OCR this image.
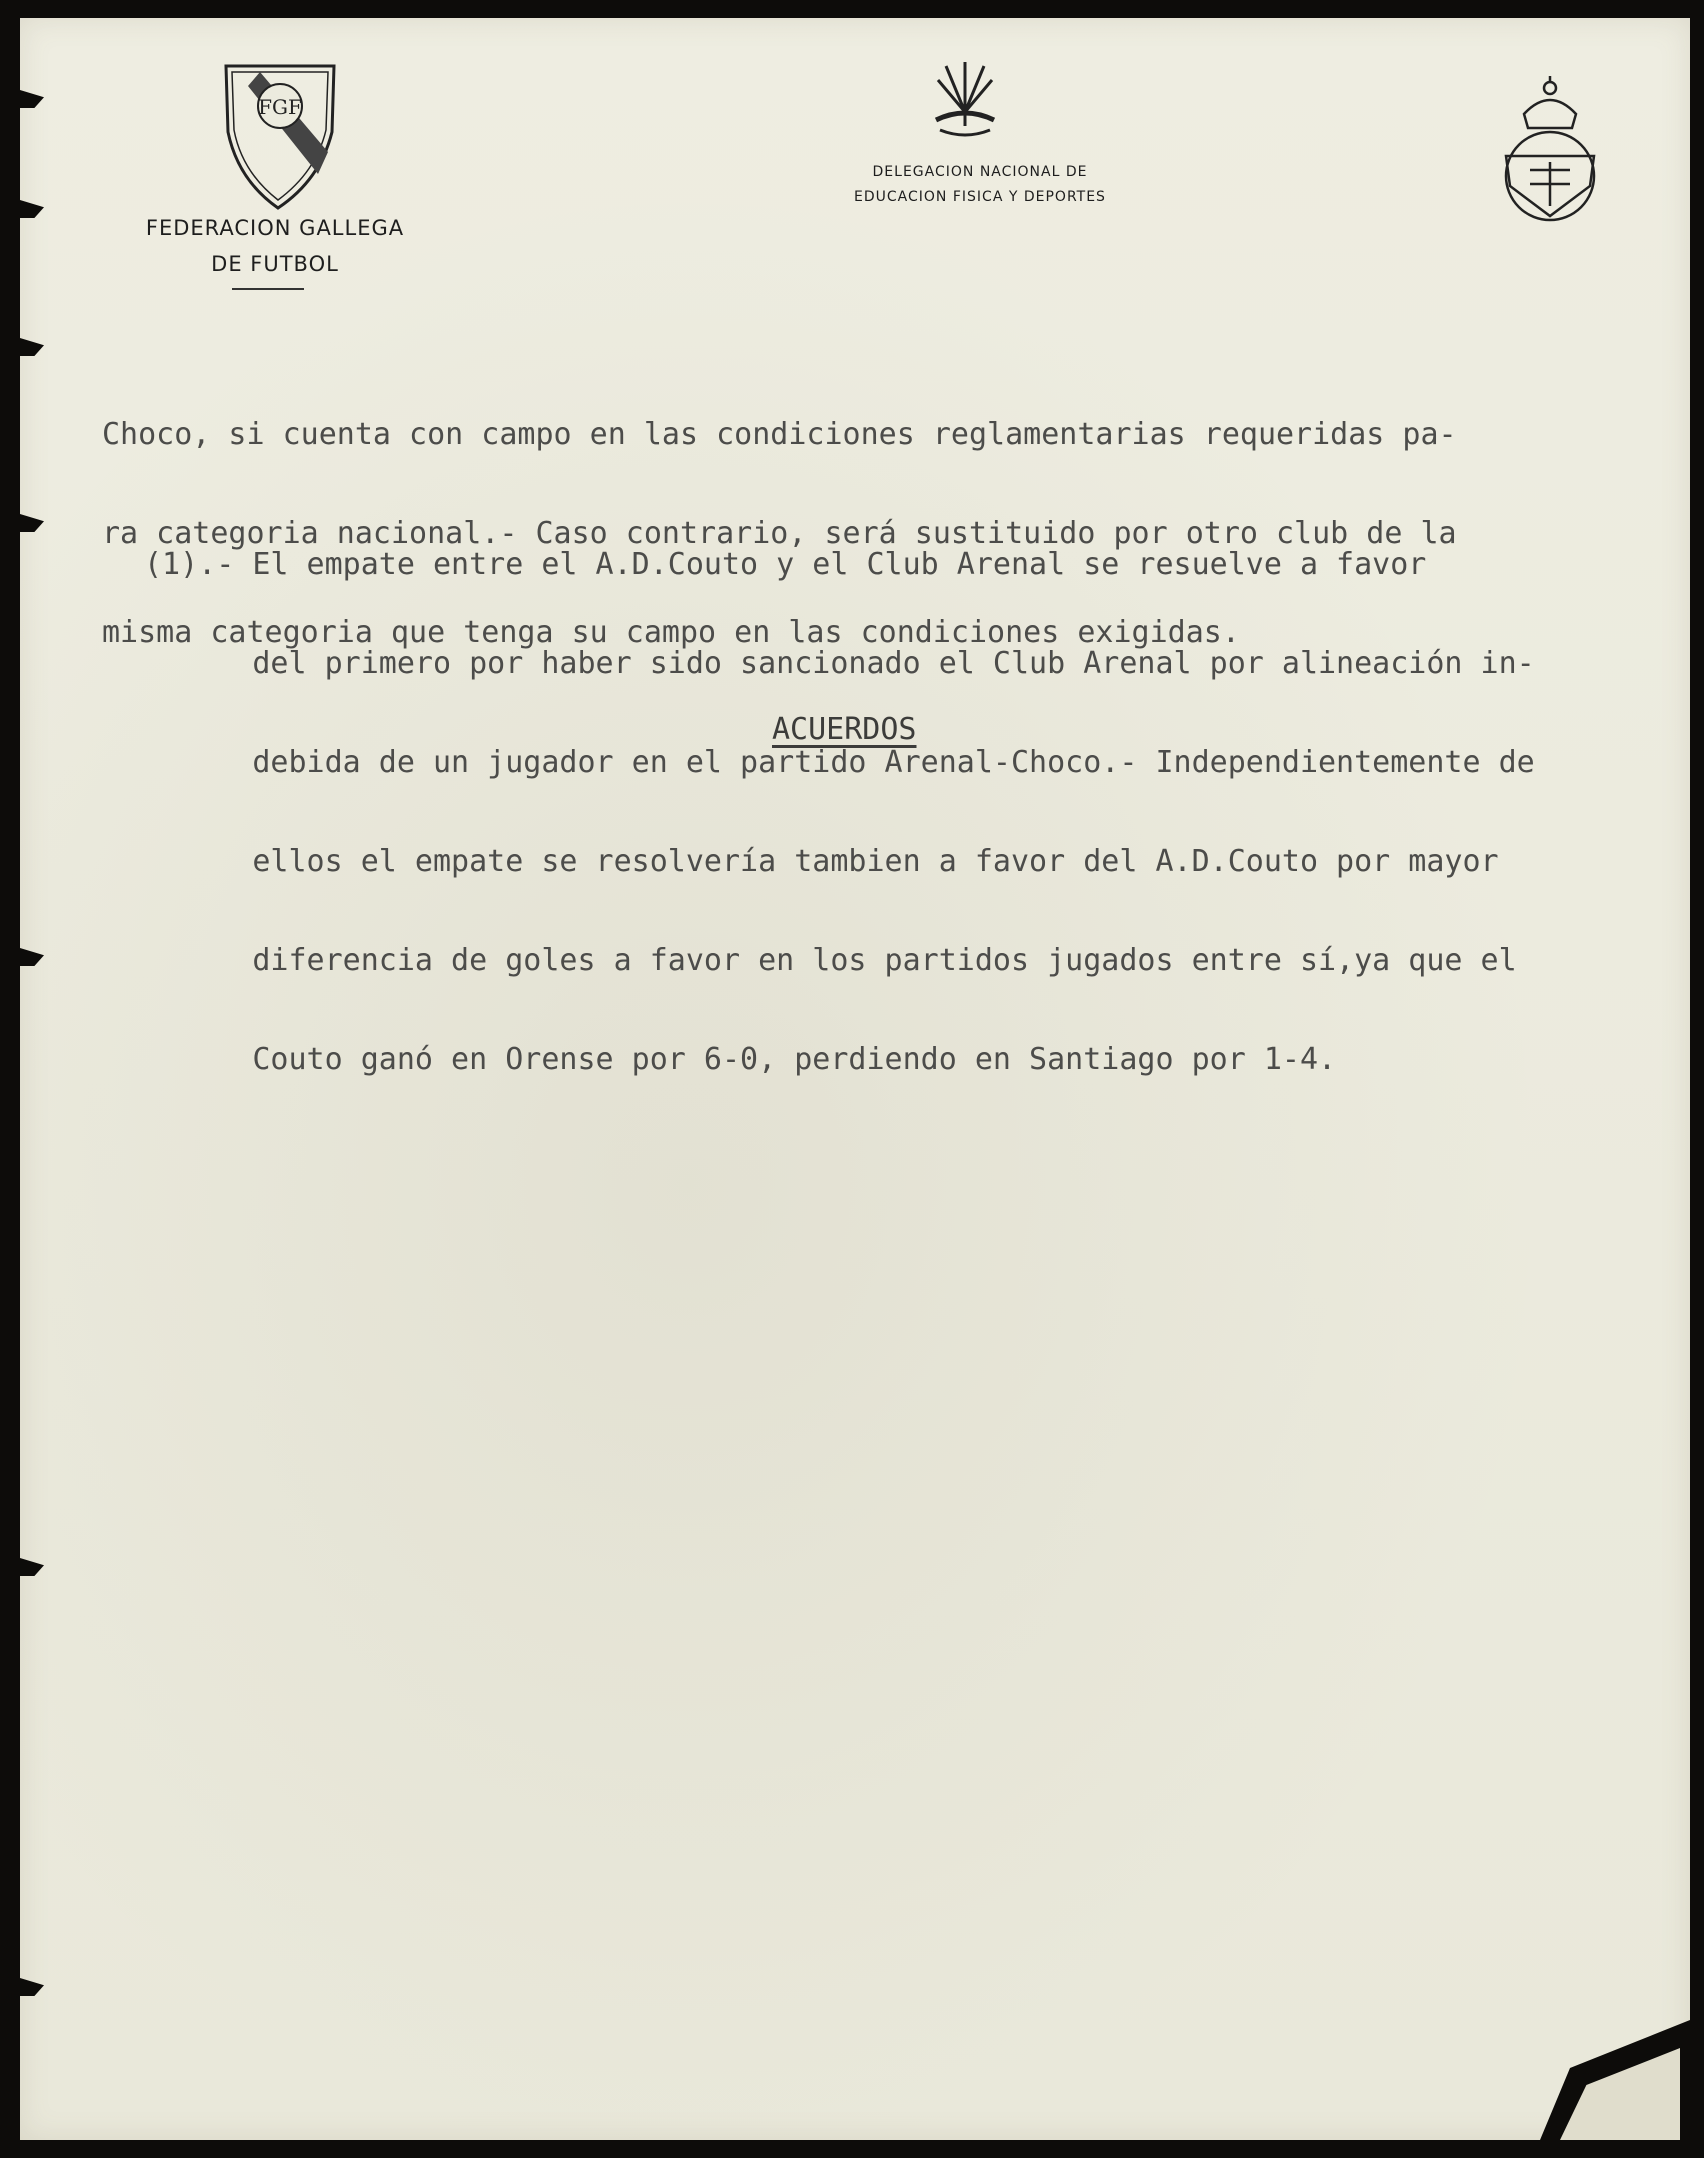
FGF
FEDERACION GALLEGA
DE FUTBOL
DELEGACION NACIONAL DE
EDUCACION FISICA Y DEPORTES

Choco, si cuenta con campo en las condiciones reglamentarias requeridas pa-

ra categoria nacional.- Caso contrario, será sustituido por otro club de la

misma categoria que tenga su campo en las condiciones exigidas.

(1).- El empate entre el A.D.Couto y el Club Arenal se resuelve a favor

del primero por haber sido sancionado el Club Arenal por alineación in-

debida de un jugador en el partido Arenal-Choco.- Independientemente de

ellos el empate se resolvería tambien a favor del A.D.Couto por mayor

diferencia de goles a favor en los partidos jugados entre sí,ya que el

Couto ganó en Orense por 6-0, perdiendo en Santiago por 1-4.

ACUERDOS
